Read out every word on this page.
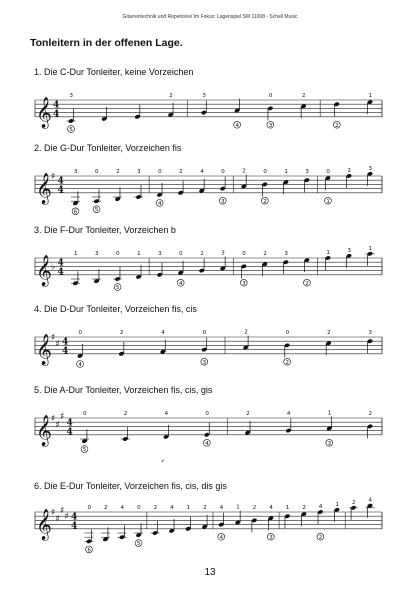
Gitarrentechnik und Repertoire/ Im Fokus: Lagenspiel SM 11008 - Schell Music
Tonleitern in der offenen Lage.
1. Die C-Dur Tonleiter, keine Vorzeichen
𝄞 4
4
3
5
2	3
4
0
3
2
2
1
2. Die G-Dur Tonleiter, Vorzeichen fis
𝄞 ♯ 4
4
3
6
0
5
2	3	0
4
2	4	0
3
2	0
2
1	3	0
1
2	3
3. Die F-Dur Tonleiter, Vorzeichen b
𝄞 ♭ 4
4
1	3	0
5
1	3	0
4
2	3	0
3
2	3
2
1	3	1
4. Die D-Dur Tonleiter, Vorzeichen fis, cis
𝄞 ♯
♯ 4
4
0
4
2	4	0
3
2	0
2
2	3
5. Die A-Dur Tonleiter, Vorzeichen fis, cis, gis
𝄞 ♯
♯
♯
4
4
0
5
2	4	0
4
2	4	1
3
2
6. Die E-Dur Tonleiter, Vorzeichen fis, cis, dis gis
𝄞 ♯
♯
♯
♯ 4
4
0
6
2 4 0
5
2 4 1 2 4
4
1 2 4
3
1 2 4
2
1 2 4
13
